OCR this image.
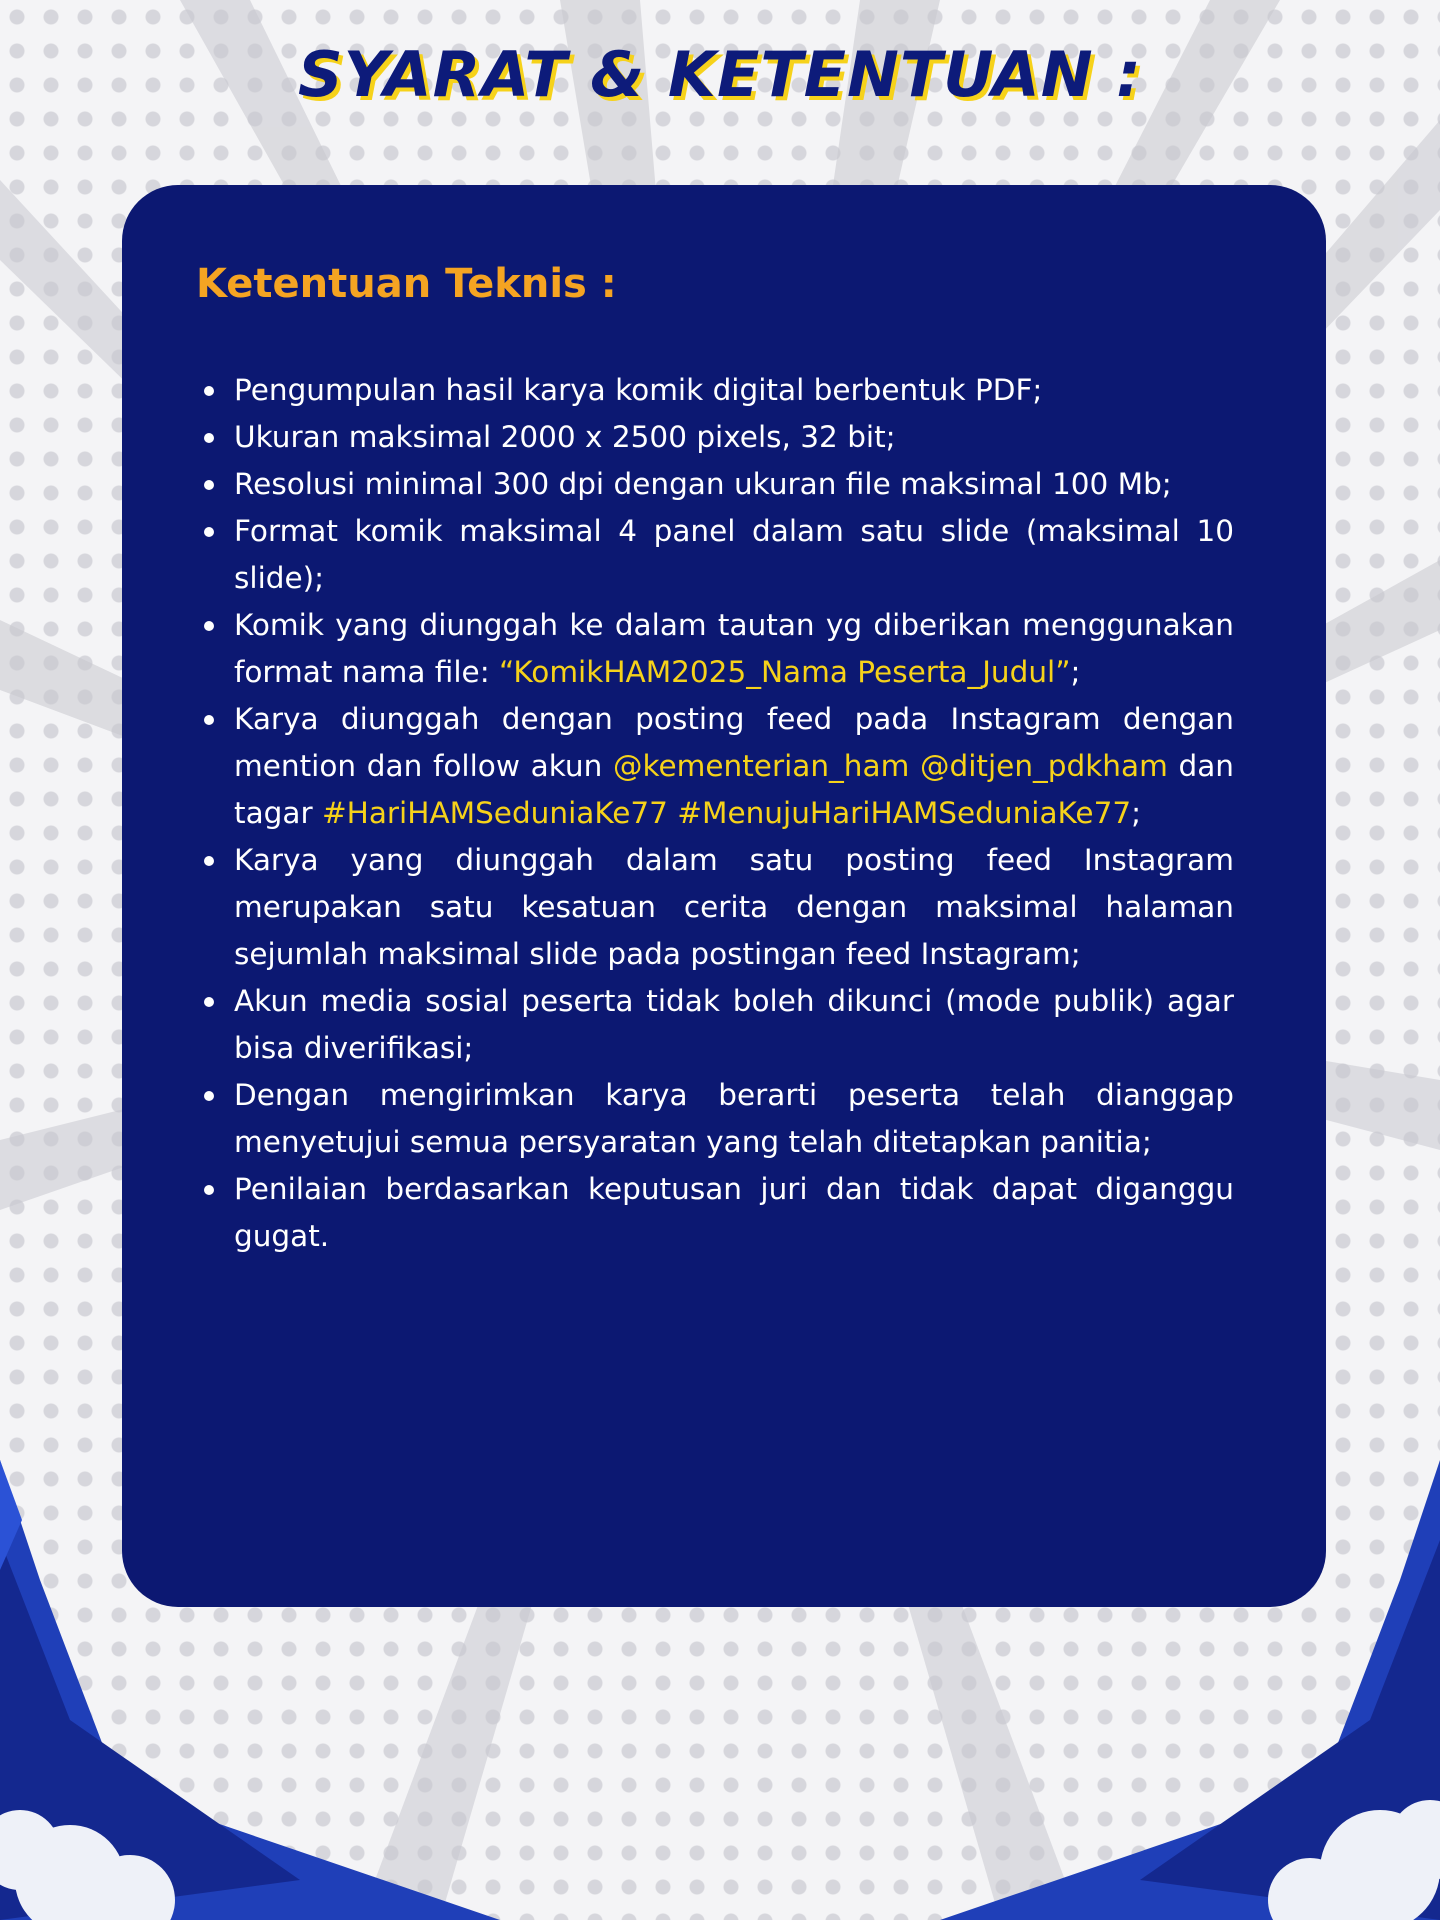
SYARAT & KETENTUAN :
Ketentuan Teknis :
Pengumpulan hasil karya komik digital berbentuk PDF;
Ukuran maksimal 2000 x 2500 pixels, 32 bit;
Resolusi minimal 300 dpi dengan ukuran file maksimal 100 Mb;
Format komik maksimal 4 panel dalam satu slide (maksimal 10 slide);
Komik yang diunggah ke dalam tautan yg diberikan menggunakan format nama file: “KomikHAM2025_Nama Peserta_Judul”;
Karya diunggah dengan posting feed pada Instagram dengan mention dan follow akun @kementerian_ham @ditjen_pdkham dan tagar #HariHAMSeduniaKe77 #MenujuHariHAMSeduniaKe77;
Karya yang diunggah dalam satu posting feed Instagram merupakan satu kesatuan cerita dengan maksimal halaman sejumlah maksimal slide pada postingan feed Instagram;
Akun media sosial peserta tidak boleh dikunci (mode publik) agar bisa diverifikasi;
Dengan mengirimkan karya berarti peserta telah dianggap menyetujui semua persyaratan yang telah ditetapkan panitia;
Penilaian berdasarkan keputusan juri dan tidak dapat diganggu gugat.
